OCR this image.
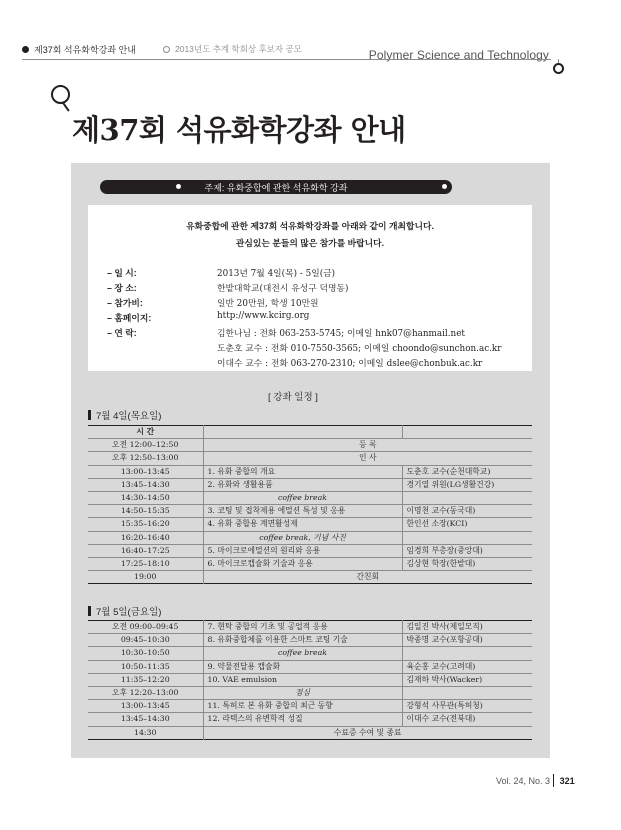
제37회 석유화학강좌 안내	2013년도 추계 학회상 후보자 공모	Polymer Science and Technology
제37회 석유화학강좌 안내
주제: 유화중합에 관한 석유화학 강좌
유화중합에 관한 제37회 석유화학강좌를 아래와 같이 개최합니다.
관심있는 분들의 많은 참가를 바랍니다.
– 일 시:	2013년 7월 4일(목) - 5일(금)
– 장 소:	한밭대학교(대전시 유성구 덕명동)
– 참가비:	일반 20만원, 학생 10만원
– 홈페이지:	http://www.kcirg.org
– 연 락:	김한나님 : 전화 063-253-5745; 이메일 hnk07@hanmail.net
도춘호 교수 : 전화 010-7550-3565; 이메일 choondo@sunchon.ac.kr
이대수 교수 : 전화 063-270-2310; 이메일 dslee@chonbuk.ac.kr
[ 강좌 일정 ]
7월 4일(목요일)
시 간		
오전 12:00–12:50	등 록	
오후 12:50–13:00	인 사	
13:00–13:45	1. 유화 중합의 개요	도춘호 교수(순천대학교)
13:45–14:30	2. 유화와 생활용품	경기열 위원(LG생활건강)
14:30–14:50	coffee break	
14:50–15:35	3. 코팅 및 접착제용 에멀션 특성 및 응용	이명천 교수(동국대)
15:35–16:20	4. 유화 중합용 계면활성제	한인선 소장(KCI)
16:20–16:40	coffee break, 기념 사진	
16:40–17:25	5. 마이크로에멀션의 원리와 응용	임경희 부총장(중앙대)
17:25–18:10	6. 마이크로캡슐화 기술과 응용	김상현 학장(한밭대)
19:00	간친회	
7월 5일(금요일)
오전 09:00–09:45	7. 현탁 중합의 기초 및 공업적 응용	김일진 박사(제일모직)
09:45–10:30	8. 유화중합체를 이용한 스마트 코팅 기술	박종명 교수(포항공대)
10:30–10:50	coffee break	
10:50–11:35	9. 약물전달용 캡슐화	육순홍 교수(고려대)
11:35–12:20	10. VAE emulsion	김재하 박사(Wacker)
오후 12:20–13:00	점심	
13:00–13:45	11. 특허로 본 유화 중합의 최근 동향	강형석 사무관(특허청)
13:45–14:30	12. 라텍스의 유변학적 성질	이대수 교수(전북대)
14:30	수료증 수여 및 종료	
Vol. 24, No. 3 321
